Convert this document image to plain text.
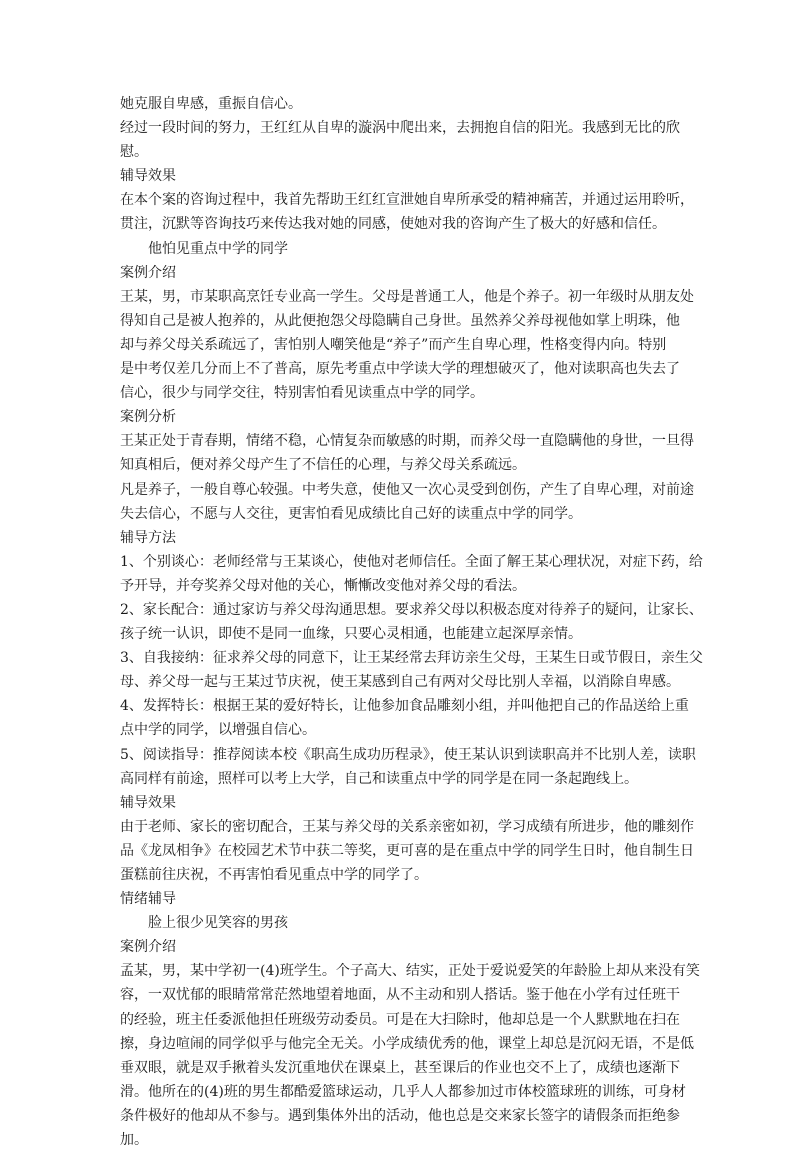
她克服自卑感，重振自信心。
经过一段时间的努力，王红红从自卑的漩涡中爬出来，去拥抱自信的阳光。我感到无比的欣
慰。
辅导效果
在本个案的咨询过程中，我首先帮助王红红宣泄她自卑所承受的精神痛苦，并通过运用聆听，
贯注，沉默等咨询技巧来传达我对她的同感，使她对我的咨询产生了极大的好感和信任。
他怕见重点中学的同学
案例介绍
王某，男，市某职高烹饪专业高一学生。父母是普通工人，他是个养子。初一年级时从朋友处
得知自己是被人抱养的，从此便抱怨父母隐瞒自己身世。虽然养父养母视他如掌上明珠，他
却与养父母关系疏远了，害怕别人嘲笑他是“养子”而产生自卑心理，性格变得内向。特别
是中考仅差几分而上不了普高，原先考重点中学读大学的理想破灭了，他对读职高也失去了
信心，很少与同学交往，特别害怕看见读重点中学的同学。
案例分析
王某正处于青春期，情绪不稳，心情复杂而敏感的时期，而养父母一直隐瞒他的身世，一旦得
知真相后，便对养父母产生了不信任的心理，与养父母关系疏远。
凡是养子，一般自尊心较强。中考失意，使他又一次心灵受到创伤，产生了自卑心理，对前途
失去信心，不愿与人交往，更害怕看见成绩比自己好的读重点中学的同学。
辅导方法
1、个别谈心：老师经常与王某谈心，使他对老师信任。全面了解王某心理状况，对症下药，给
予开导，并夸奖养父母对他的关心，慚慚改变他对养父母的看法。
2、家长配合：通过家访与养父母沟通思想。要求养父母以积极态度对待养子的疑问，让家长、
孩子统一认识，即使不是同一血缘，只要心灵相通，也能建立起深厚亲情。
3、自我接纳：征求养父母的同意下，让王某经常去拜访亲生父母，王某生日或节假日，亲生父
母、养父母一起与王某过节庆祝，使王某感到自己有两对父母比别人幸福，以消除自卑感。
4、发挥特长：根据王某的爱好特长，让他参加食品雕刻小组，并叫他把自己的作品送给上重
点中学的同学，以增强自信心。
5、阅读指导：推荐阅读本校《职高生成功历程录》，使王某认识到读职高并不比别人差，读职
高同样有前途，照样可以考上大学，自己和读重点中学的同学是在同一条起跑线上。
辅导效果
由于老师、家长的密切配合，王某与养父母的关系亲密如初，学习成绩有所进步，他的雕刻作
品《龙凤相争》在校园艺术节中获二等奖，更可喜的是在重点中学的同学生日时，他自制生日
蛋糕前往庆祝，不再害怕看见重点中学的同学了。
情绪辅导
脸上很少见笑容的男孩
案例介绍
孟某，男，某中学初一(4)班学生。个子高大、结实，正处于爱说爱笑的年龄脸上却从来没有笑
容，一双忧郁的眼睛常常茫然地望着地面，从不主动和别人搭话。鉴于他在小学有过任班干
的经验，班主任委派他担任班级劳动委员。可是在大扫除时，他却总是一个人默默地在扫在
擦，身边喧闹的同学似乎与他完全无关。小学成绩优秀的他，课堂上却总是沉闷无语，不是低
垂双眼，就是双手揪着头发沉重地伏在课桌上，甚至课后的作业也交不上了，成绩也逐渐下
滑。他所在的(4)班的男生都酷爱篮球运动，几乎人人都参加过市体校篮球班的训练，可身材
条件极好的他却从不参与。遇到集体外出的活动，他也总是交来家长签字的请假条而拒绝参
加。
